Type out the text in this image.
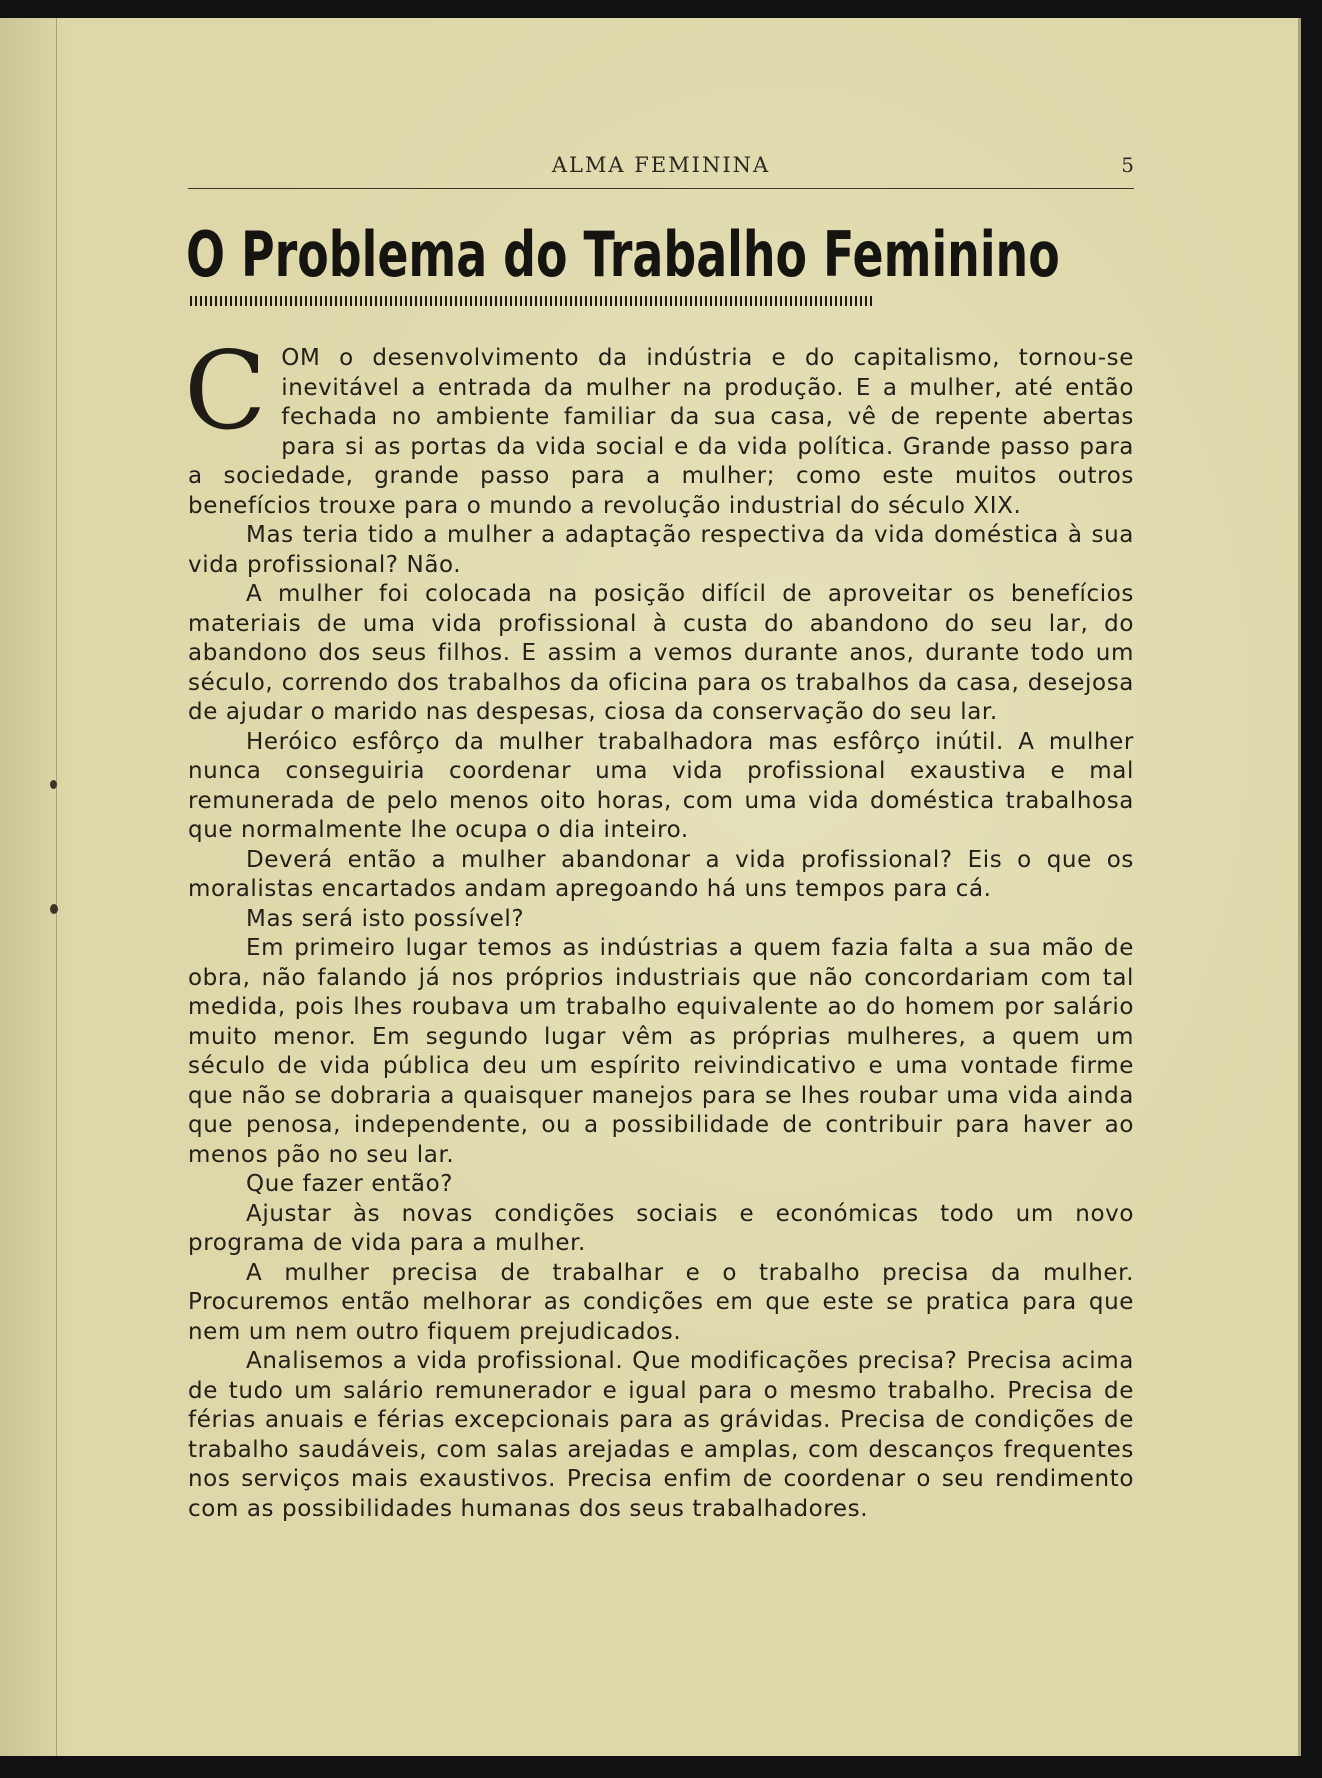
ALMA FEMININA	5
O Problema do Trabalho Feminino

COM o desenvolvimento da indústria e do capitalismo, tornou-se inevitável a entrada da mulher na produção. E a mulher, até então fechada no ambiente familiar da sua casa, vê de repente abertas para si as portas da vida social e da vida política. Grande passo para a sociedade, grande passo para a mulher; como este muitos outros benefícios trouxe para o mundo a revolução industrial do século XIX.

Mas teria tido a mulher a adaptação respectiva da vida doméstica à sua vida profissional? Não.

A mulher foi colocada na posição difícil de aproveitar os benefícios materiais de uma vida profissional à custa do abandono do seu lar, do abandono dos seus filhos. E assim a vemos durante anos, durante todo um século, correndo dos trabalhos da oficina para os trabalhos da casa, desejosa de ajudar o marido nas despesas, ciosa da conservação do seu lar.

Heróico esfôrço da mulher trabalhadora mas esfôrço inútil. A mulher nunca conseguiria coordenar uma vida profissional exaustiva e mal remunerada de pelo menos oito horas, com uma vida doméstica trabalhosa que normalmente lhe ocupa o dia inteiro.

Deverá então a mulher abandonar a vida profissional? Eis o que os moralistas encartados andam apregoando há uns tempos para cá.

Mas será isto possível?

Em primeiro lugar temos as indústrias a quem fazia falta a sua mão de obra, não falando já nos próprios industriais que não concordariam com tal medida, pois lhes roubava um trabalho equivalente ao do homem por salário muito menor. Em segundo lugar vêm as próprias mulheres, a quem um século de vida pública deu um espírito reivindicativo e uma vontade firme que não se dobraria a quaisquer manejos para se lhes roubar uma vida ainda que penosa, independente, ou a possibilidade de contribuir para haver ao menos pão no seu lar.

Que fazer então?

Ajustar às novas condições sociais e económicas todo um novo programa de vida para a mulher.

A mulher precisa de trabalhar e o trabalho precisa da mulher. Procuremos então melhorar as condições em que este se pratica para que nem um nem outro fiquem prejudicados.

Analisemos a vida profissional. Que modificações precisa? Precisa acima de tudo um salário remunerador e igual para o mesmo trabalho. Precisa de férias anuais e férias excepcionais para as grávidas. Precisa de condições de trabalho saudáveis, com salas arejadas e amplas, com descanços frequentes nos serviços mais exaustivos. Precisa enfim de coordenar o seu rendimento com as possibilidades humanas dos seus trabalhadores.
